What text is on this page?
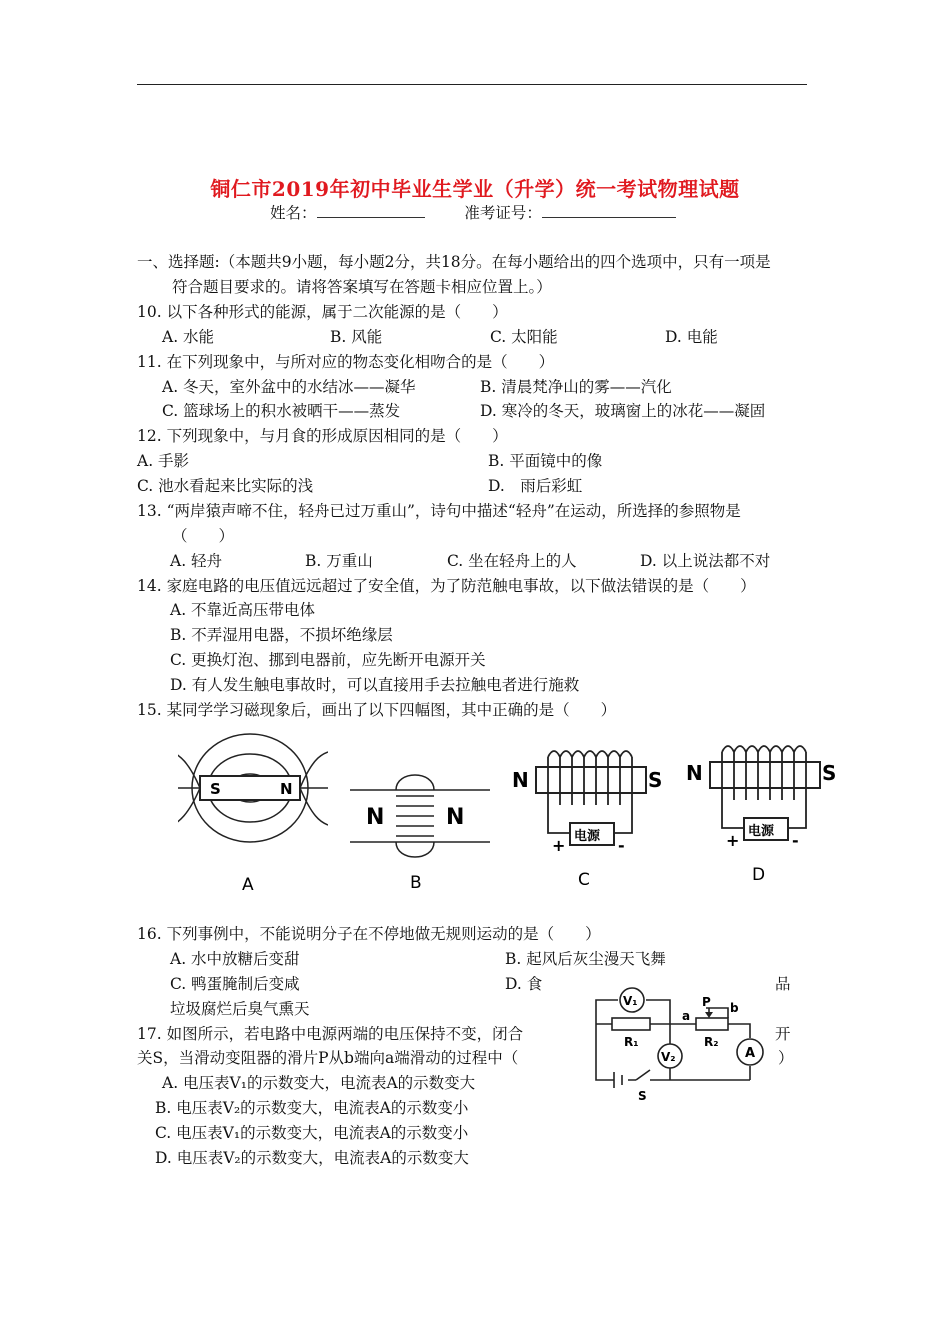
铜仁市2019年初中毕业生学业（升学）统一考试物理试题
姓名：	准考证号：
一、选择题:（本题共9小题，每小题2分，共18分。在每小题给出的四个选项中，只有一项是
符合题目要求的。请将答案填写在答题卡相应位置上。）
10. 以下各种形式的能源，属于二次能源的是（　　）
A. 水能	B. 风能	C. 太阳能	D. 电能
11. 在下列现象中，与所对应的物态变化相吻合的是（　　）
A. 冬天，室外盆中的水结冰——凝华	B. 清晨梵净山的雾——汽化
C. 篮球场上的积水被晒干——蒸发	D. 寒冷的冬天，玻璃窗上的冰花——凝固
12. 下列现象中，与月食的形成原因相同的是（　　）
A. 手影	B. 平面镜中的像
C. 池水看起来比实际的浅	D.　雨后彩虹
13. “两岸猿声啼不住，轻舟已过万重山”，诗句中描述“轻舟”在运动，所选择的参照物是
（　　）
A. 轻舟	B. 万重山	C. 坐在轻舟上的人	D. 以上说法都不对
14. 家庭电路的电压值远远超过了安全值，为了防范触电事故，以下做法错误的是（　　）
A. 不靠近高压带电体
B. 不弄湿用电器，不损坏绝缘层
C. 更换灯泡、挪到电器前，应先断开电源开关
D. 有人发生触电事故时，可以直接用手去拉触电者进行施救
15. 某同学学习磁现象后，画出了以下四幅图，其中正确的是（　　）
S	N
A
N	N
B
电源
N	S
+	-
C
电源
N	S
+	-
D
16. 下列事例中，不能说明分子在不停地做无规则运动的是（　　）
A. 水中放糖后变甜	B. 起风后灰尘漫天飞舞
C. 鸭蛋腌制后变咸	D. 食	品
垃圾腐烂后臭气熏天
17. 如图所示，若电路中电源两端的电压保持不变，闭合	开
关S，当滑动变阻器的滑片P从b端向a端滑动的过程中（	）
A. 电压表V₁的示数变大，电流表A的示数变大
B. 电压表V₂的示数变大，电流表A的示数变小
C. 电压表V₁的示数变大，电流表A的示数变小
D. 电压表V₂的示数变大，电流表A的示数变大
V₁
V₂	A
R₁	R₂
P
a
b
S
